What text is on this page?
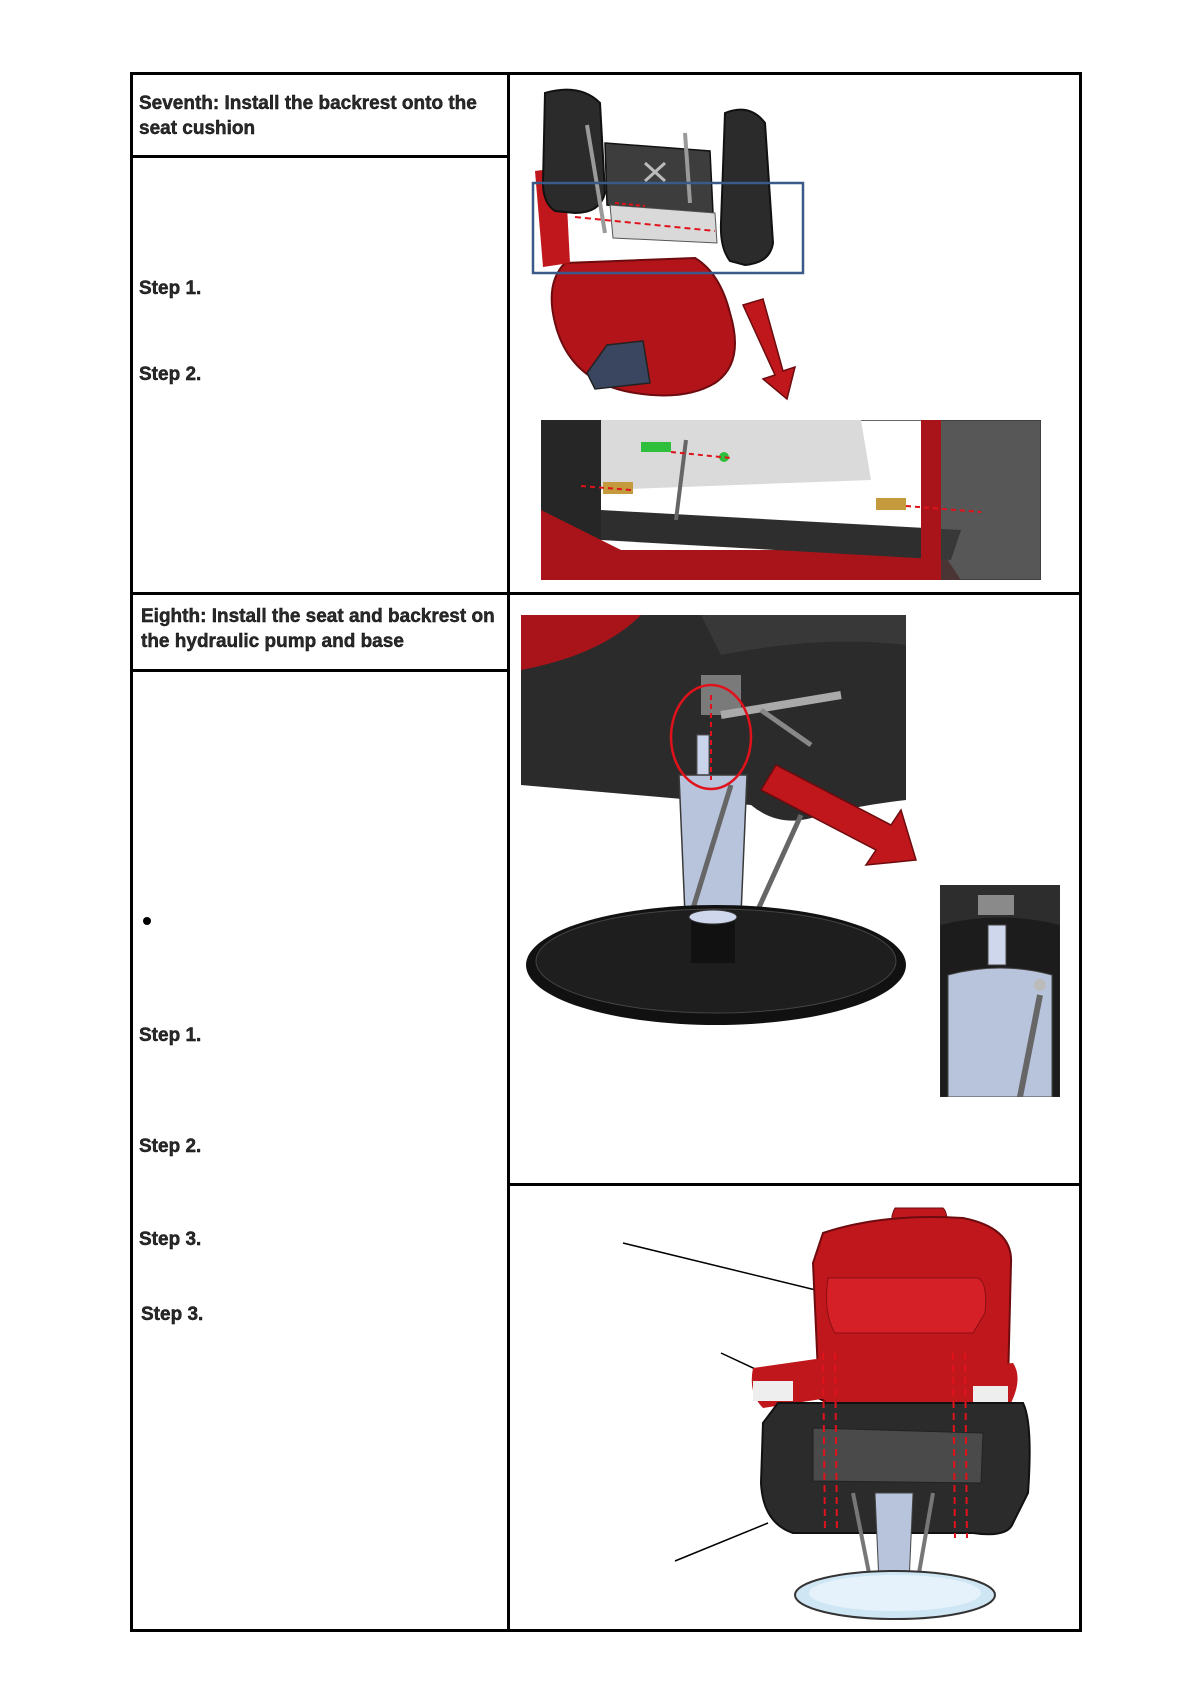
Seventh: Install the backrest onto the seat cushion
Step 1.
Step 2.
Eighth: Install the seat and backrest on the hydraulic pump and base
Step 1.
Step 2.
Step 3.
Step 3.
